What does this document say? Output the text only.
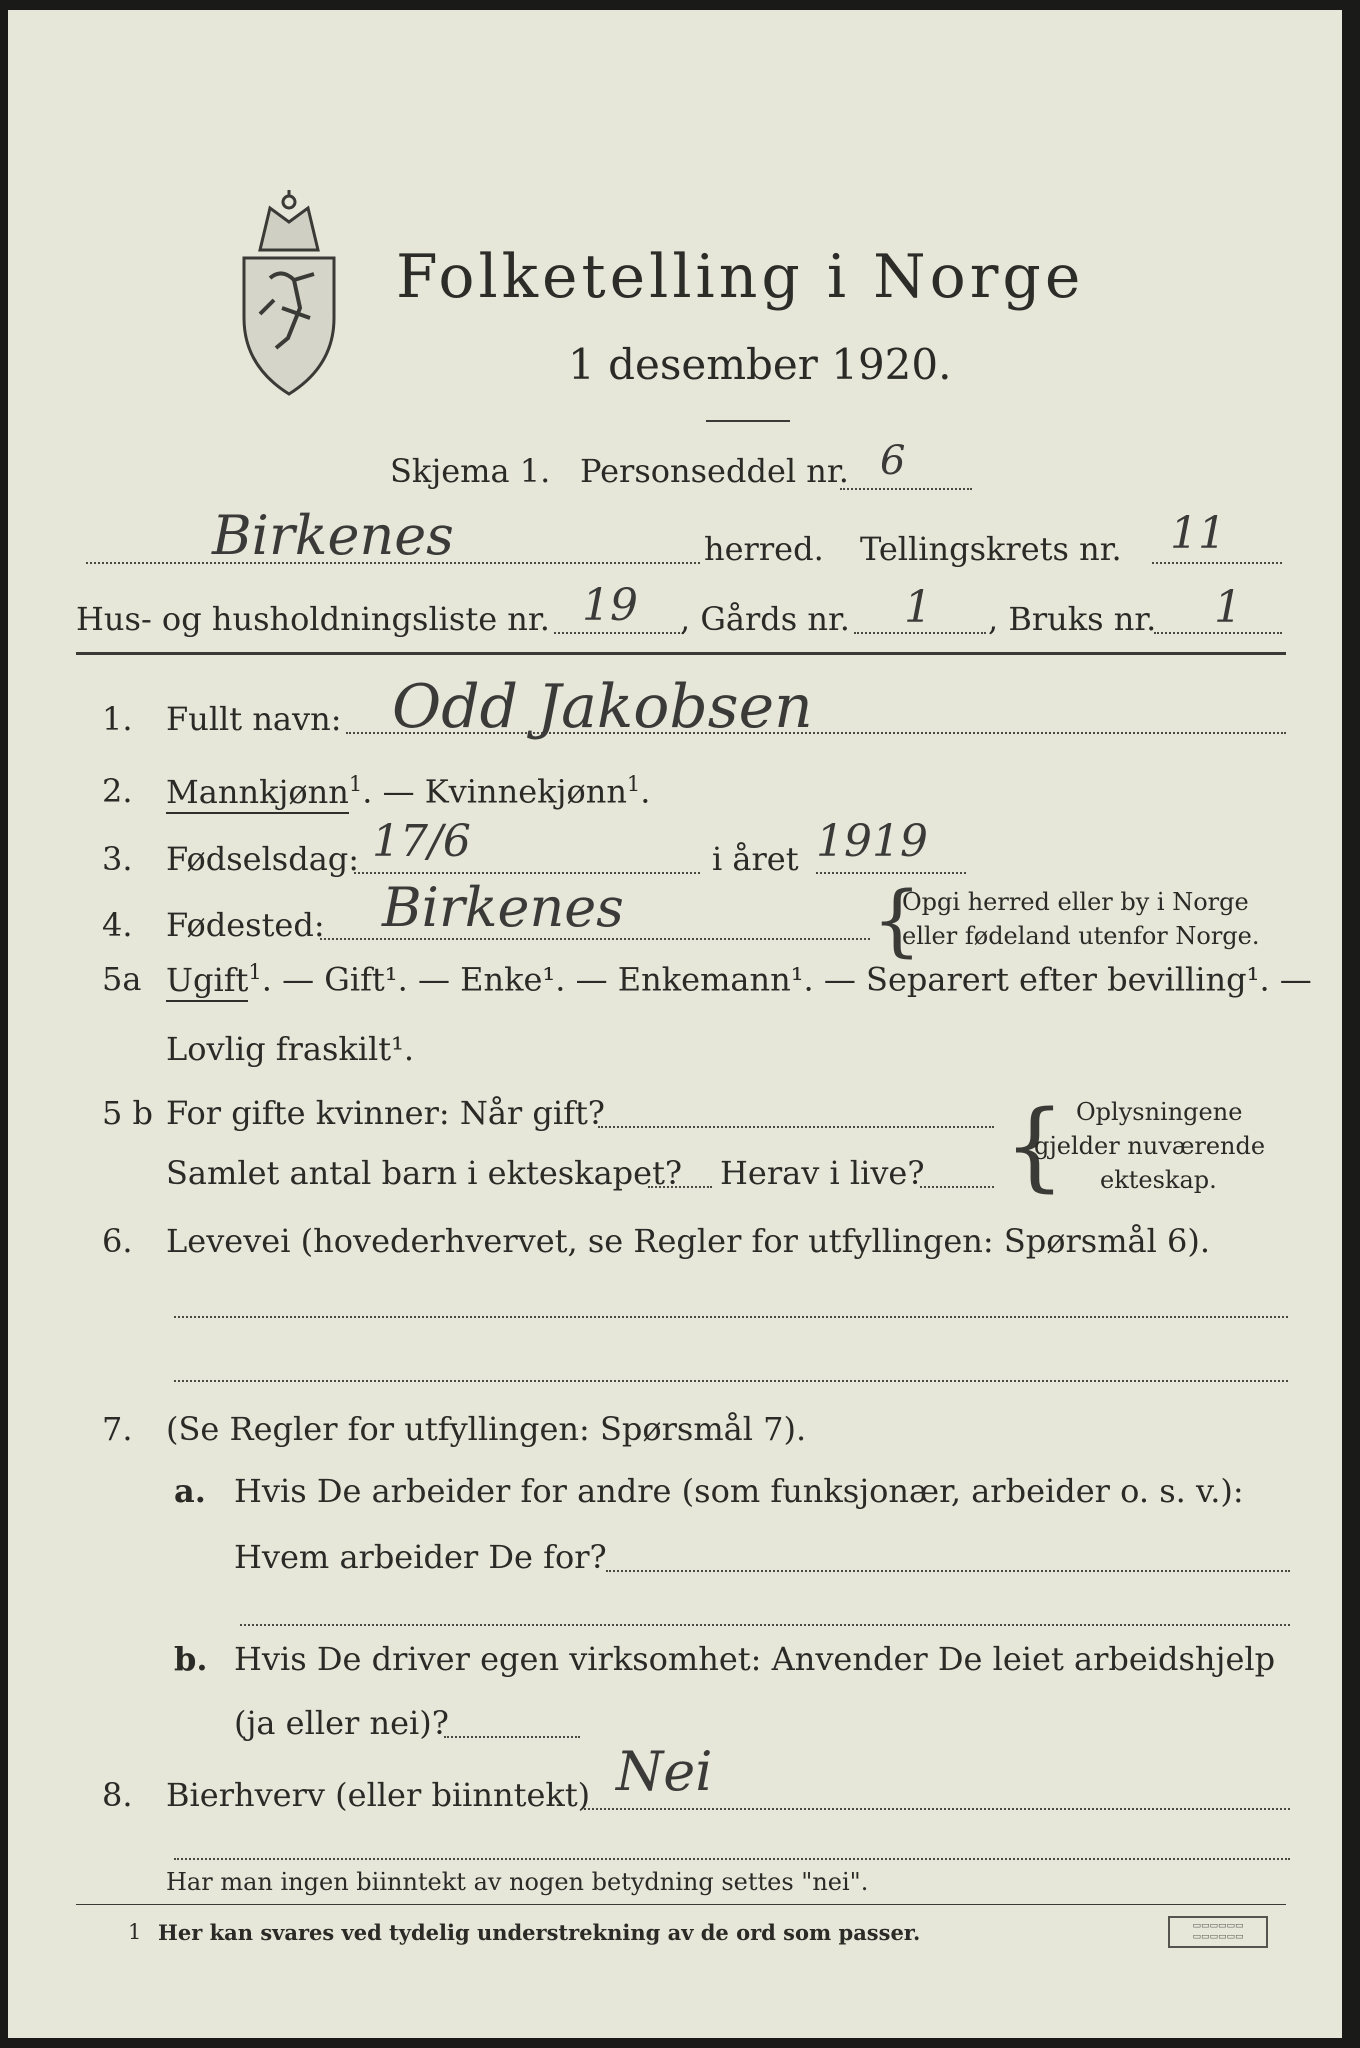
Folketelling i Norge
1 desember 1920.
Skjema 1. Personseddel nr. 6
Birkenes	herred. Tellingskrets nr. 11
Hus- og husholdningsliste nr. 19 , Gårds nr. 1 , Bruks nr. 1
1. Fullt navn: Odd Jakobsen
2. Mannkjønn$^1$. — Kvinnekjønn$^1$.
3. Fødselsdag: 17/6	i året 1919
4. Fødested: Birkenes	{
Opgi herred eller by i Norge
eller fødeland utenfor Norge.
5a Ugift$^1$. — Gift¹. — Enke¹. — Enkemann¹. — Separert efter bevilling¹. —
Lovlig fraskilt¹.
5 b For gifte kvinner: Når gift?
Samlet antal barn i ekteskapet? Herav i live? { Oplysningene
gjelder nuværende
ekteskap.
6. Levevei (hovederhvervet, se Regler for utfyllingen: Spørsmål 6).
7. (Se Regler for utfyllingen: Spørsmål 7).
a. Hvis De arbeider for andre (som funksjonær, arbeider o. s. v.):
Hvem arbeider De for?
b. Hvis De driver egen virksomhet: Anvender De leiet arbeidshjelp
(ja eller nei)?
8. Bierhverv (eller biinntekt) Nei
Har man ingen biinntekt av nogen betydning settes "nei".
1 Her kan svares ved tydelig understrekning av de ord som passer.	▭▭▭▭▭▭
▭▭▭▭▭▭
